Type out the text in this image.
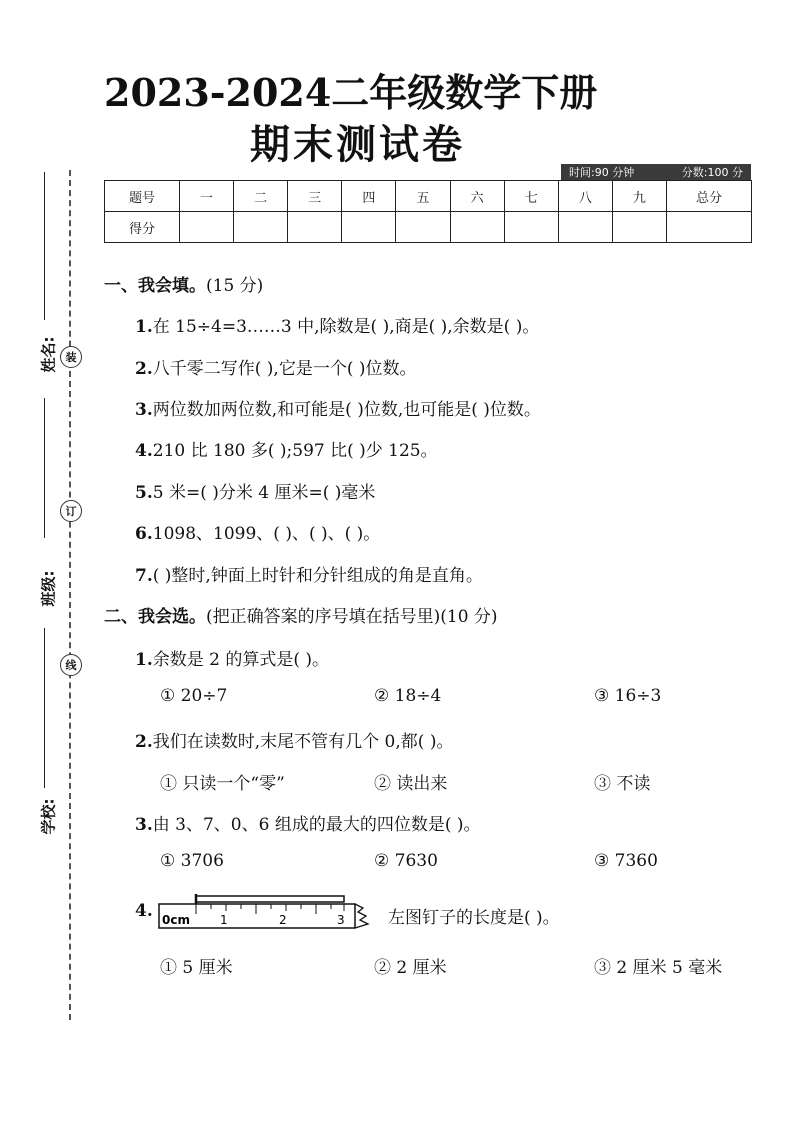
2023-2024二年级数学下册
期末测试卷
时间:90 分钟	分数:100 分
题号	一	二	三	四	五	六	七	八	九	总分
得分										
装
订
线
姓名:
班级:
学校:
一、我会填。(15 分)
1.在 15÷4=3……3 中,除数是( ),商是( ),余数是( )。
2.八千零二写作( ),它是一个( )位数。
3.两位数加两位数,和可能是( )位数,也可能是( )位数。
4.210 比 180 多( );597 比( )少 125。
5.5 米=( )分米 4 厘米=( )毫米
6.1098、1099、( )、( )、( )。
7.( )整时,钟面上时针和分针组成的角是直角。
二、我会选。(把正确答案的序号填在括号里)(10 分)
1.余数是 2 的算式是( )。
① 20÷7	② 18÷4	③ 16÷3
2.我们在读数时,末尾不管有几个 0,都( )。
① 只读一个“零”	② 读出来	③ 不读
3.由 3、7、0、6 组成的最大的四位数是( )。
① 3706	② 7630	③ 7360
4. 0cm	1	2	3	左图钉子的长度是( )。
① 5 厘米	② 2 厘米	③ 2 厘米 5 毫米
